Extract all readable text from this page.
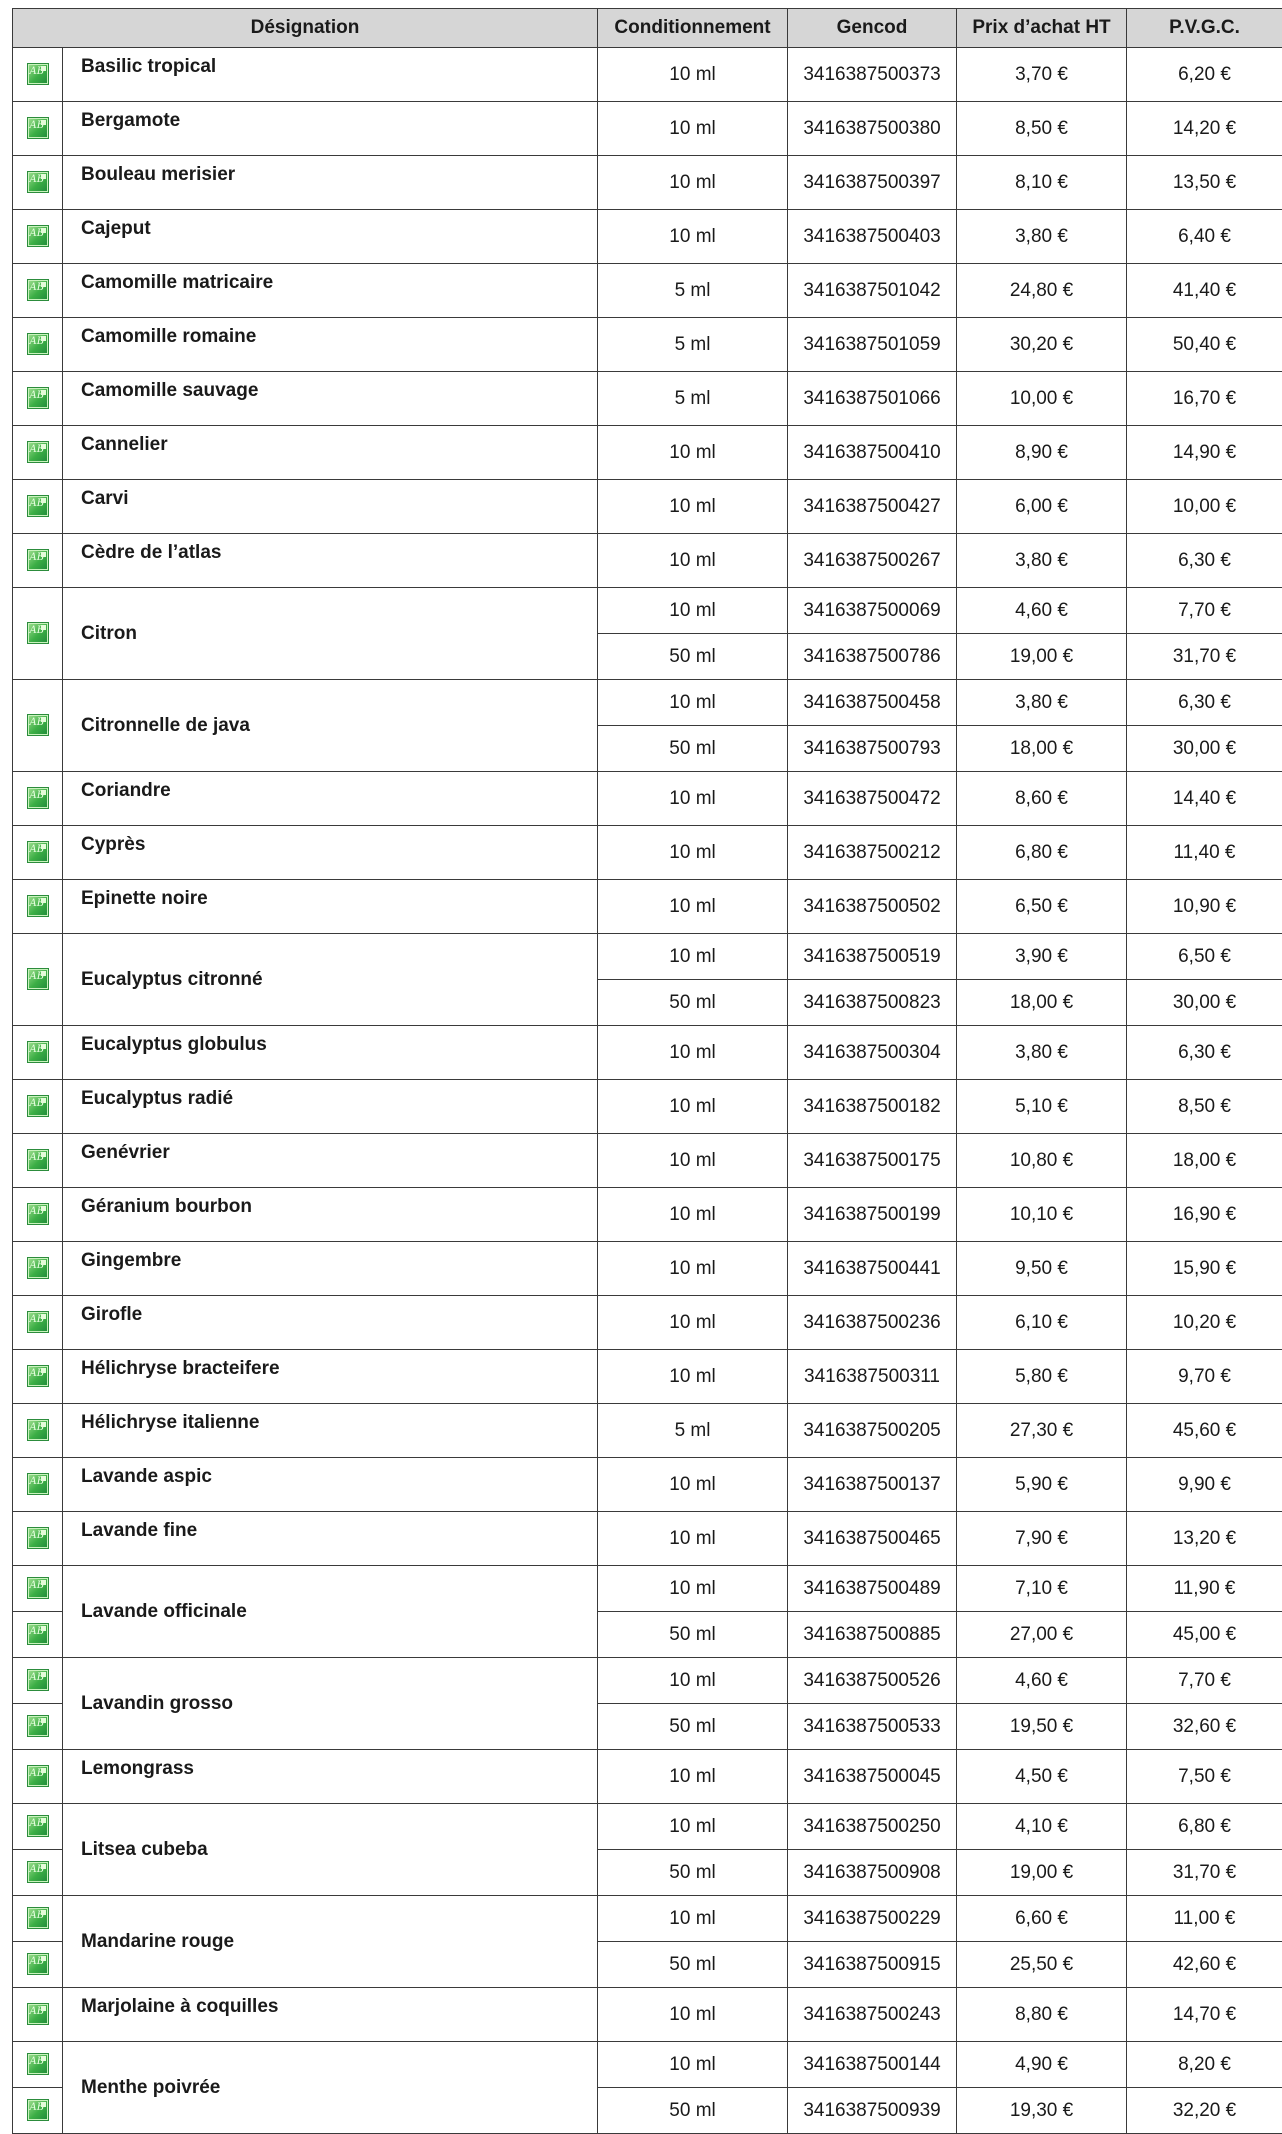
Désignation		Conditionnement	Gencod	Prix d’achat HT	P.V.G.C.
AB	Basilic tropical	10 ml	3416387500373	3,70 €	6,20 €
AB	Bergamote	10 ml	3416387500380	8,50 €	14,20 €
AB	Bouleau merisier	10 ml	3416387500397	8,10 €	13,50 €
AB	Cajeput	10 ml	3416387500403	3,80 €	6,40 €
AB	Camomille matricaire	5 ml	3416387501042	24,80 €	41,40 €
AB	Camomille romaine	5 ml	3416387501059	30,20 €	50,40 €
AB	Camomille sauvage	5 ml	3416387501066	10,00 €	16,70 €
AB	Cannelier	10 ml	3416387500410	8,90 €	14,90 €
AB	Carvi	10 ml	3416387500427	6,00 €	10,00 €
AB	Cèdre de l’atlas	10 ml	3416387500267	3,80 €	6,30 €
AB	Citron	10 ml	3416387500069	4,60 €	7,70 €
		50 ml	3416387500786	19,00 €	31,70 €
AB	Citronnelle de java	10 ml	3416387500458	3,80 €	6,30 €
		50 ml	3416387500793	18,00 €	30,00 €
AB	Coriandre	10 ml	3416387500472	8,60 €	14,40 €
AB	Cyprès	10 ml	3416387500212	6,80 €	11,40 €
AB	Epinette noire	10 ml	3416387500502	6,50 €	10,90 €
AB	Eucalyptus citronné	10 ml	3416387500519	3,90 €	6,50 €
		50 ml	3416387500823	18,00 €	30,00 €
AB	Eucalyptus globulus	10 ml	3416387500304	3,80 €	6,30 €
AB	Eucalyptus radié	10 ml	3416387500182	5,10 €	8,50 €
AB	Genévrier	10 ml	3416387500175	10,80 €	18,00 €
AB	Géranium bourbon	10 ml	3416387500199	10,10 €	16,90 €
AB	Gingembre	10 ml	3416387500441	9,50 €	15,90 €
AB	Girofle	10 ml	3416387500236	6,10 €	10,20 €
AB	Hélichryse bracteifere	10 ml	3416387500311	5,80 €	9,70 €
AB	Hélichryse italienne	5 ml	3416387500205	27,30 €	45,60 €
AB	Lavande aspic	10 ml	3416387500137	5,90 €	9,90 €
AB	Lavande fine	10 ml	3416387500465	7,90 €	13,20 €
AB	Lavande officinale	10 ml	3416387500489	7,10 €	11,90 €
AB	50 ml	3416387500885	27,00 €	45,00 €
AB	Lavandin grosso	10 ml	3416387500526	4,60 €	7,70 €
AB	50 ml	3416387500533	19,50 €	32,60 €
AB	Lemongrass	10 ml	3416387500045	4,50 €	7,50 €
AB	Litsea cubeba	10 ml	3416387500250	4,10 €	6,80 €
AB	50 ml	3416387500908	19,00 €	31,70 €
AB	Mandarine rouge	10 ml	3416387500229	6,60 €	11,00 €
AB	50 ml	3416387500915	25,50 €	42,60 €
AB	Marjolaine à coquilles	10 ml	3416387500243	8,80 €	14,70 €
AB	Menthe poivrée	10 ml	3416387500144	4,90 €	8,20 €
AB	50 ml	3416387500939	19,30 €	32,20 €
